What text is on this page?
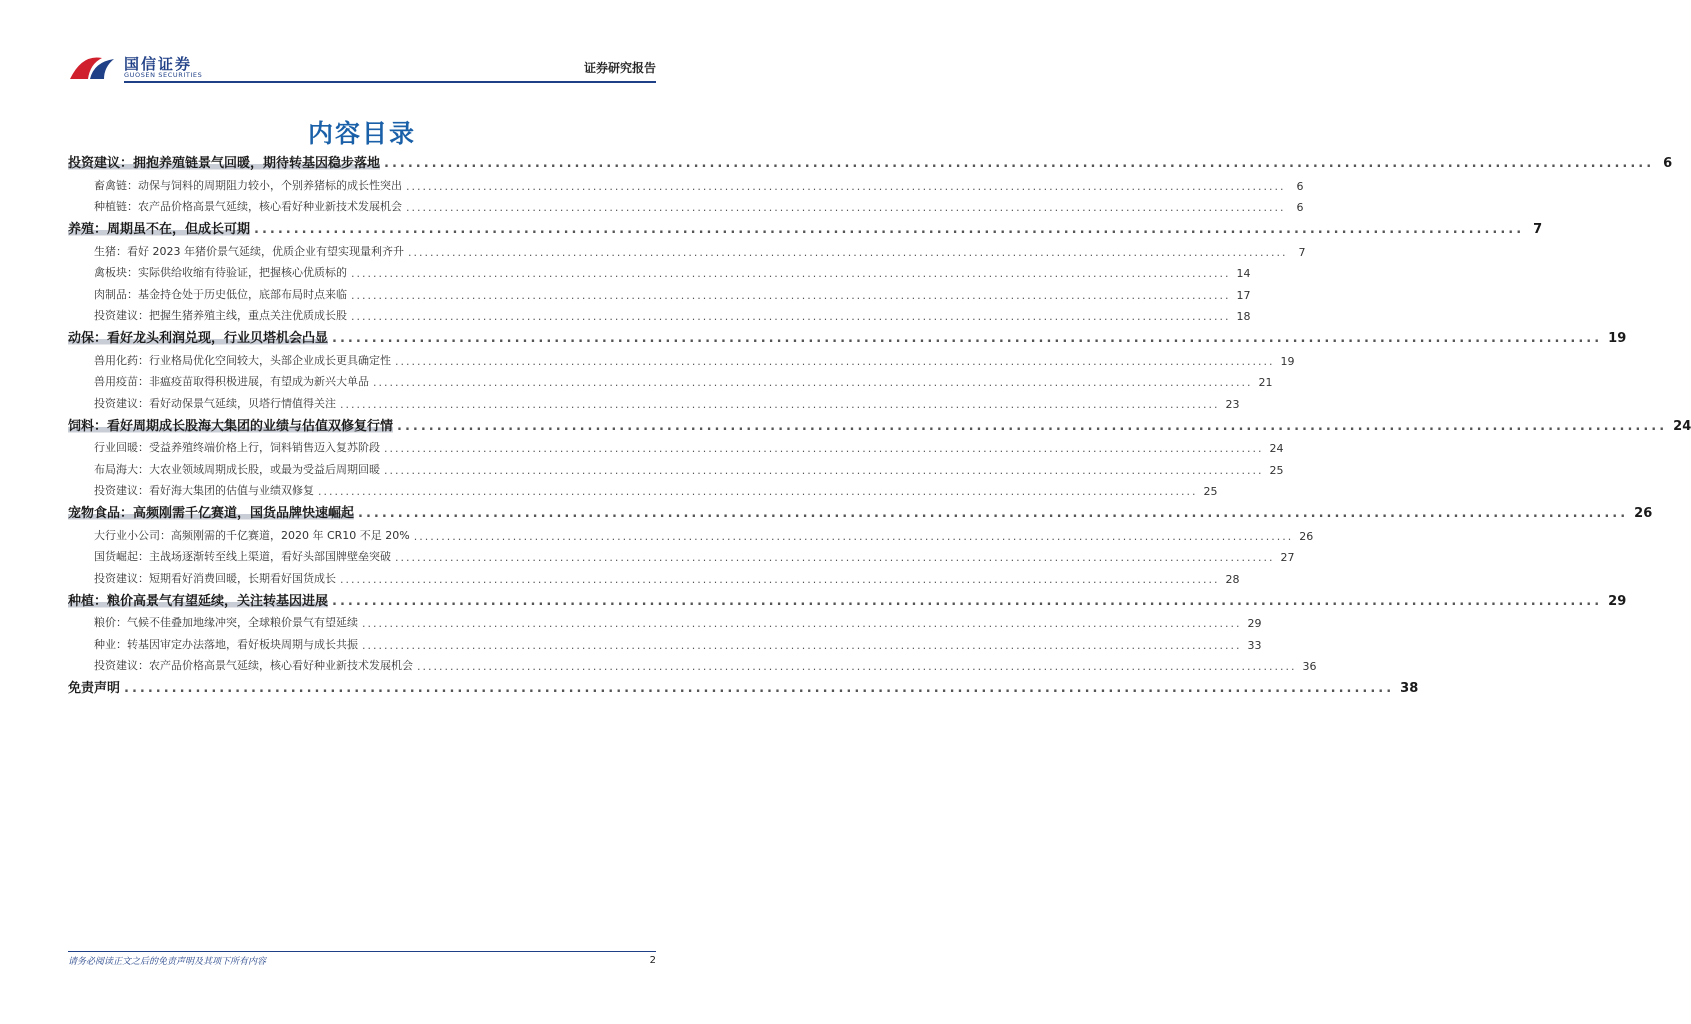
国信证券
GUOSEN SECURITIES	证券研究报告
内容目录
投资建议：拥抱养殖链景气回暖，期待转基因稳步落地 ................................................................................................................................................................ 6
畜禽链：动保与饲料的周期阻力较小，个别养猪标的成长性突出 ................................................................................................................................................................	6
种植链：农产品价格高景气延续，核心看好种业新技术发展机会 ................................................................................................................................................................	6
养殖：周期虽不在，但成长可期 ................................................................................................................................................................ 7
生猪：看好 2023 年猪价景气延续，优质企业有望实现量利齐升 ................................................................................................................................................................	7
禽板块：实际供给收缩有待验证，把握核心优质标的 ................................................................................................................................................................ 14
肉制品：基金持仓处于历史低位，底部布局时点来临 ................................................................................................................................................................ 17
投资建议：把握生猪养殖主线，重点关注优质成长股 ................................................................................................................................................................ 18
动保：看好龙头利润兑现，行业贝塔机会凸显 ................................................................................................................................................................ 19
兽用化药：行业格局优化空间较大，头部企业成长更具确定性 ................................................................................................................................................................ 19
兽用疫苗：非瘟疫苗取得积极进展，有望成为新兴大单品 ................................................................................................................................................................ 21
投资建议：看好动保景气延续，贝塔行情值得关注 ................................................................................................................................................................ 23
饲料：看好周期成长股海大集团的业绩与估值双修复行情 ................................................................................................................................................................ 24
行业回暖：受益养殖终端价格上行，饲料销售迈入复苏阶段 ................................................................................................................................................................ 24
布局海大：大农业领域周期成长股，或最为受益后周期回暖 ................................................................................................................................................................ 25
投资建议：看好海大集团的估值与业绩双修复 ................................................................................................................................................................ 25
宠物食品：高频刚需千亿赛道，国货品牌快速崛起 ................................................................................................................................................................ 26
大行业小公司：高频刚需的千亿赛道，2020 年 CR10 不足 20% ................................................................................................................................................................ 26
国货崛起：主战场逐渐转至线上渠道，看好头部国牌壁垒突破 ................................................................................................................................................................ 27
投资建议：短期看好消费回暖，长期看好国货成长 ................................................................................................................................................................ 28
种植：粮价高景气有望延续，关注转基因进展 ................................................................................................................................................................ 29
粮价：气候不佳叠加地缘冲突，全球粮价景气有望延续 ................................................................................................................................................................ 29
种业：转基因审定办法落地，看好板块周期与成长共振 ................................................................................................................................................................ 33
投资建议：农产品价格高景气延续，核心看好种业新技术发展机会 ................................................................................................................................................................ 36
免责声明 ................................................................................................................................................................ 38
请务必阅读正文之后的免责声明及其项下所有内容	2
